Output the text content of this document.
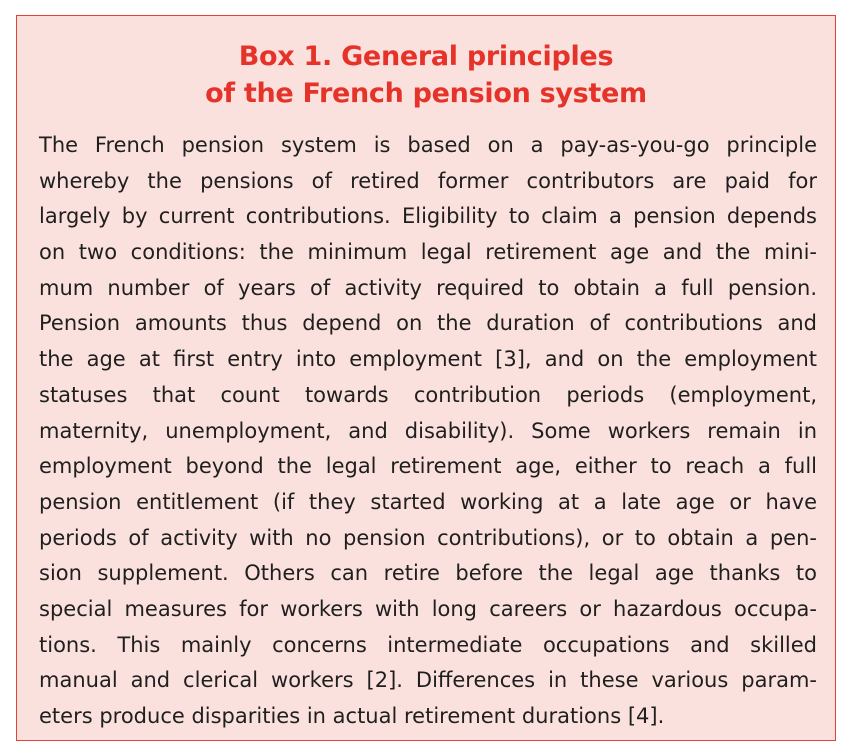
Box 1. General principles
of the French pension system
The French pension system is based on a pay-as-you-go principle
whereby the pensions of retired former contributors are paid for
largely by current contributions. Eligibility to claim a pension depends
on two conditions: the minimum legal retirement age and the mini-
mum number of years of activity required to obtain a full pension.
Pension amounts thus depend on the duration of contributions and
the age at first entry into employment [3], and on the employment
statuses that count towards contribution periods (employment,
maternity, unemployment, and disability). Some workers remain in
employment beyond the legal retirement age, either to reach a full
pension entitlement (if they started working at a late age or have
periods of activity with no pension contributions), or to obtain a pen-
sion supplement. Others can retire before the legal age thanks to
special measures for workers with long careers or hazardous occupa-
tions. This mainly concerns intermediate occupations and skilled
manual and clerical workers [2]. Differences in these various param-
eters produce disparities in actual retirement durations [4].
